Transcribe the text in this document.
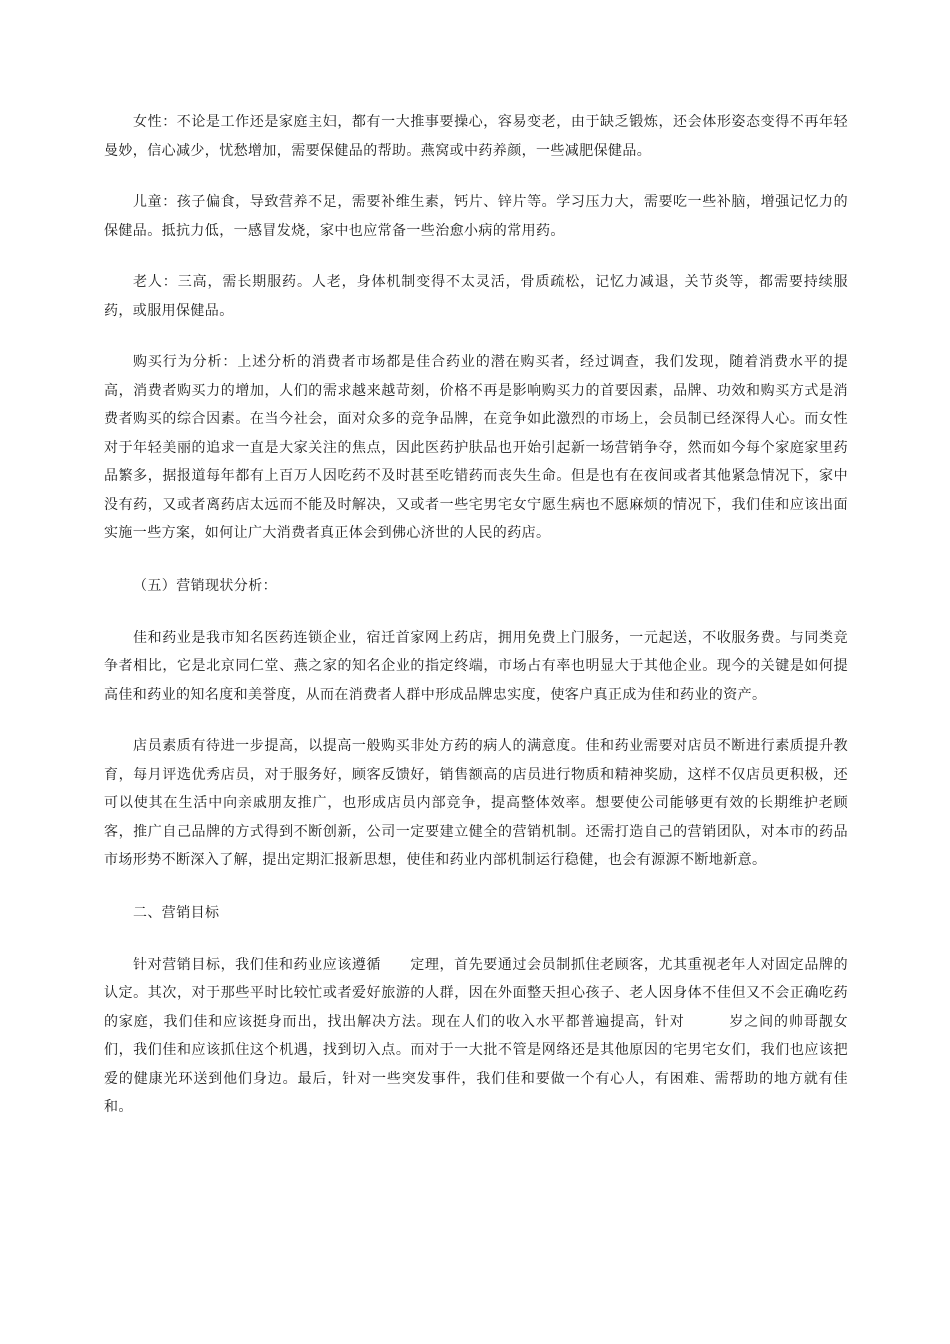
女性：不论是工作还是家庭主妇，都有一大推事要操心，容易变老，由于缺乏锻炼，还会体形姿态变得不再年轻曼妙，信心减少，忧愁增加，需要保健品的帮助。燕窝或中药养颜，一些减肥保健品。

儿童：孩子偏食，导致营养不足，需要补维生素，钙片、锌片等。学习压力大，需要吃一些补脑，增强记忆力的保健品。抵抗力低，一感冒发烧，家中也应常备一些治愈小病的常用药。

老人：三高，需长期服药。人老，身体机制变得不太灵活，骨质疏松，记忆力减退，关节炎等，都需要持续服药，或服用保健品。

购买行为分析：上述分析的消费者市场都是佳合药业的潜在购买者，经过调查，我们发现，随着消费水平的提高，消费者购买力的增加，人们的需求越来越苛刻，价格不再是影响购买力的首要因素，品牌、功效和购买方式是消费者购买的综合因素。在当今社会，面对众多的竞争品牌，在竞争如此激烈的市场上，会员制已经深得人心。而女性对于年轻美丽的追求一直是大家关注的焦点，因此医药护肤品也开始引起新一场营销争夺，然而如今每个家庭家里药品繁多，据报道每年都有上百万人因吃药不及时甚至吃错药而丧失生命。但是也有在夜间或者其他紧急情况下，家中没有药，又或者离药店太远而不能及时解决，又或者一些宅男宅女宁愿生病也不愿麻烦的情况下，我们佳和应该出面实施一些方案，如何让广大消费者真正体会到佛心济世的人民的药店。

（五）营销现状分析：

佳和药业是我市知名医药连锁企业，宿迁首家网上药店，拥用免费上门服务，一元起送，不收服务费。与同类竞争者相比，它是北京同仁堂、燕之家的知名企业的指定终端，市场占有率也明显大于其他企业。现今的关键是如何提高佳和药业的知名度和美誉度，从而在消费者人群中形成品牌忠实度，使客户真正成为佳和药业的资产。

店员素质有待进一步提高，以提高一般购买非处方药的病人的满意度。佳和药业需要对店员不断进行素质提升教育，每月评选优秀店员，对于服务好，顾客反馈好，销售额高的店员进行物质和精神奖励，这样不仅店员更积极，还可以使其在生活中向亲戚朋友推广，也形成店员内部竞争，提高整体效率。想要使公司能够更有效的长期维护老顾客，推广自己品牌的方式得到不断创新，公司一定要建立健全的营销机制。还需打造自己的营销团队，对本市的药品市场形势不断深入了解，提出定期汇报新思想，使佳和药业内部机制运行稳健，也会有源源不断地新意。

二、营销目标

针对营销目标，我们佳和药业应该遵循　　定理，首先要通过会员制抓住老顾客，尤其重视老年人对固定品牌的认定。其次，对于那些平时比较忙或者爱好旅游的人群，因在外面整天担心孩子、老人因身体不佳但又不会正确吃药的家庭，我们佳和应该挺身而出，找出解决方法。现在人们的收入水平都普遍提高，针对　　　岁之间的帅哥靓女们，我们佳和应该抓住这个机遇，找到切入点。而对于一大批不管是网络还是其他原因的宅男宅女们，我们也应该把爱的健康光环送到他们身边。最后，针对一些突发事件，我们佳和要做一个有心人，有困难、需帮助的地方就有佳和。
